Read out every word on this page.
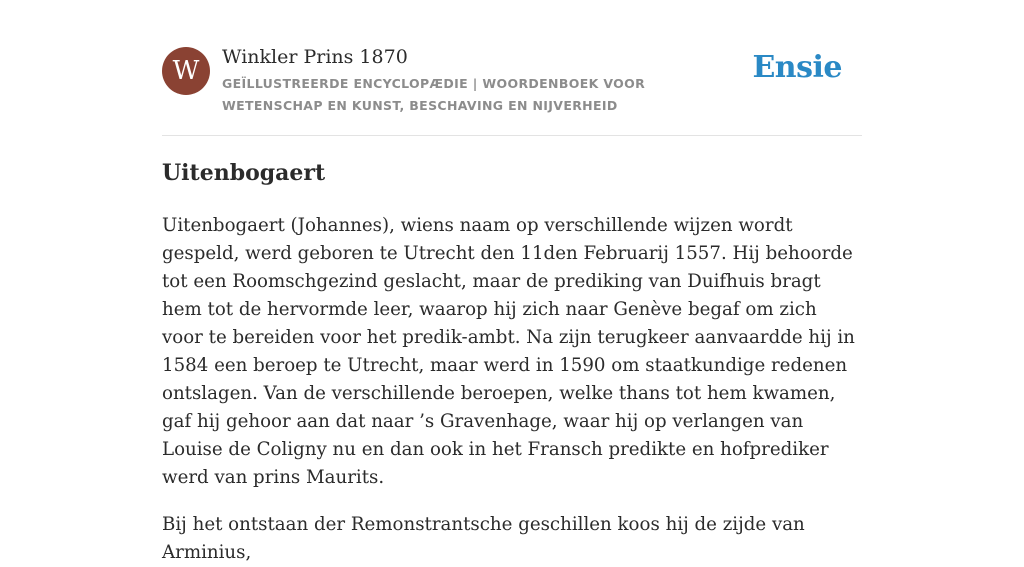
W	Winkler Prins 1870
GEÏLLUSTREERDE ENCYCLOPÆDIE | WOORDENBOEK VOOR WETENSCHAP EN KUNST, BESCHAVING EN NIJVERHEID
Ensie
Uitenbogaert

Uitenbogaert (Johannes), wiens naam op verschillende wijzen wordt gespeld, werd geboren te Utrecht den 11den Februarij 1557. Hij behoorde tot een Roomschgezind geslacht, maar de prediking van Duifhuis bragt hem tot de hervormde leer, waarop hij zich naar Genève begaf om zich voor te bereiden voor het predik-ambt. Na zijn terugkeer aanvaardde hij in 1584 een beroep te Utrecht, maar werd in 1590 om staatkundige redenen ontslagen. Van de verschillende beroepen, welke thans tot hem kwamen, gaf hij gehoor aan dat naar ’s Gravenhage, waar hij op verlangen van Louise de Coligny nu en dan ook in het Fransch predikte en hofprediker werd van prins Maurits.

Bij het ontstaan der Remonstrantsche geschillen koos hij de zijde van Arminius,
